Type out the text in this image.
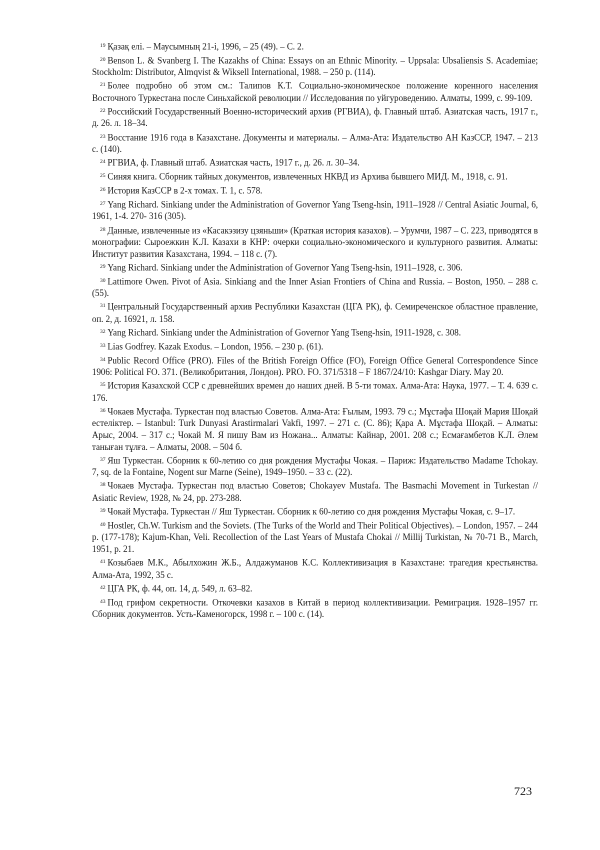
$^{19}$ Қазақ елі. – Маусымның 21-і, 1996, – 25 (49). – С. 2.

$^{20}$ Benson L. & Svanberg I. The Kazakhs of China: Essays on an Ethnic Minority. – Uppsala: Ubsaliensis S. Academiae; Stockholm: Distributor, Almqvist & Wiksell International, 1988. – 250 p. (114).

$^{21}$ Более подробно об этом см.: Талипов К.Т. Социально-экономическое положение коренного населения Восточного Туркестана после Синьхайской революции // Исследования по уйгуроведению. Алматы, 1999, с. 99-109.

$^{22}$ Российский Государственный Военно-исторический архив (РГВИА), ф. Главный штаб. Азиатская часть, 1917 г., д. 26. л. 18–34.

$^{23}$ Восстание 1916 года в Казахстане. Документы и материалы. – Алма-Ата: Издательство АН КазССР, 1947. – 213 с. (140).

$^{24}$ РГВИА, ф. Главный штаб. Азиатская часть, 1917 г., д. 26. л. 30–34.

$^{25}$ Синяя книга. Сборник тайных документов, извлеченных НКВД из Архива бывшего МИД. М., 1918, с. 91.

$^{26}$ История КазССР в 2-х томах. Т. 1, с. 578.

$^{27}$ Yang Richard. Sinkiang under the Administration of Governor Yang Tseng-hsin, 1911–1928 // Central Asiatic Journal, 6, 1961, 1-4. 270- 316 (305).

$^{28}$ Данные, извлеченные из «Касакэзизу цзяньши» (Краткая история казахов). – Урумчи, 1987 – С. 223, приводятся в монографии: Сыроежкин К.Л. Казахи в КНР: очерки социально-экономического и культурного развития. Алматы: Институт развития Казахстана, 1994. – 118 с. (7).

$^{29}$ Yang Richard. Sinkiang under the Administration of Governor Yang Tseng-hsin, 1911–1928, c. 306.

$^{30}$ Lattimore Owen. Pivot of Asia. Sinkiang and the Inner Asian Frontiers of China and Russia. – Boston, 1950. – 288 c. (55).

$^{31}$ Центральный Государственный архив Республики Казахстан (ЦГА РК), ф. Семиреченское областное правление, оп. 2, д. 16921, л. 158.

$^{32}$ Yang Richard. Sinkiang under the Administration of Governor Yang Tseng-hsin, 1911-1928, c. 308.

$^{33}$ Lias Godfrey. Kazak Exodus. – London, 1956. – 230 p. (61).

$^{34}$ Public Record Office (PRO). Files of the British Foreign Office (FO), Foreign Office General Correspondence Since 1906: Political FO. 371. (Великобритания, Лондон). PRO. FO. 371/5318 – F 1867/24/10: Kashgar Diary. May 20.

$^{35}$ История Казахской ССР с древнейших времен до наших дней. В 5-ти томах. Алма-Ата: Наука, 1977. – Т. 4. 639 с. 176.

$^{36}$ Чокаев Мустафа. Туркестан под властью Советов. Алма-Ата: Ғылым, 1993. 79 с.; Мұстафа Шоқай Мария Шоқай естеліктер. – Istanbul: Turk Dunyasi Arastirmalari Vakfi, 1997. – 271 с. (С. 86); Қара А. Мұстафа Шоқай. – Алматы: Арыс, 2004. – 317 с.; Чокай М. Я пишу Вам из Ножана... Алматы: Кайнар, 2001. 208 с.; Есмағамбетов К.Л. Әлем таныған тұлға. – Алматы, 2008. – 504 б.

$^{37}$ Яш Туркестан. Сборник к 60-летию со дня рождения Мустафы Чокая. – Париж: Издательство Madame Tchokay. 7, sq. de la Fontaine, Nogent sur Marne (Seine), 1949–1950. – 33 с. (22).

$^{38}$ Чокаев Мустафа. Туркестан под властью Советов; Chokayev Mustafa. The Basmachi Movement in Turkestan // Asiatic Review, 1928, № 24, pp. 273-288.

$^{39}$ Чокай Мустафа. Туркестан // Яш Туркестан. Сборник к 60-летию со дня рождения Мустафы Чокая, с. 9–17.

$^{40}$ Hostler, Ch.W. Turkism and the Soviets. (The Turks of the World and Their Political Objectives). – London, 1957. – 244 p. (177-178); Kajum-Khan, Veli. Recollection of the Last Years of Mustafa Chokai // Millij Turkistan, № 70-71 B., March, 1951, p. 21.

$^{41}$ Козыбаев М.К., Абылхожин Ж.Б., Алдажуманов К.С. Коллективизация в Казахстане: трагедия крестьянства. Алма-Ата, 1992, 35 с.

$^{42}$ ЦГА РК, ф. 44, оп. 14, д. 549, л. 63–82.

$^{43}$ Под грифом секретности. Откочевки казахов в Китай в период коллективизации. Ремиграция. 1928–1957 гг. Сборник документов. Усть-Каменогорск, 1998 г. – 100 с. (14).

723
